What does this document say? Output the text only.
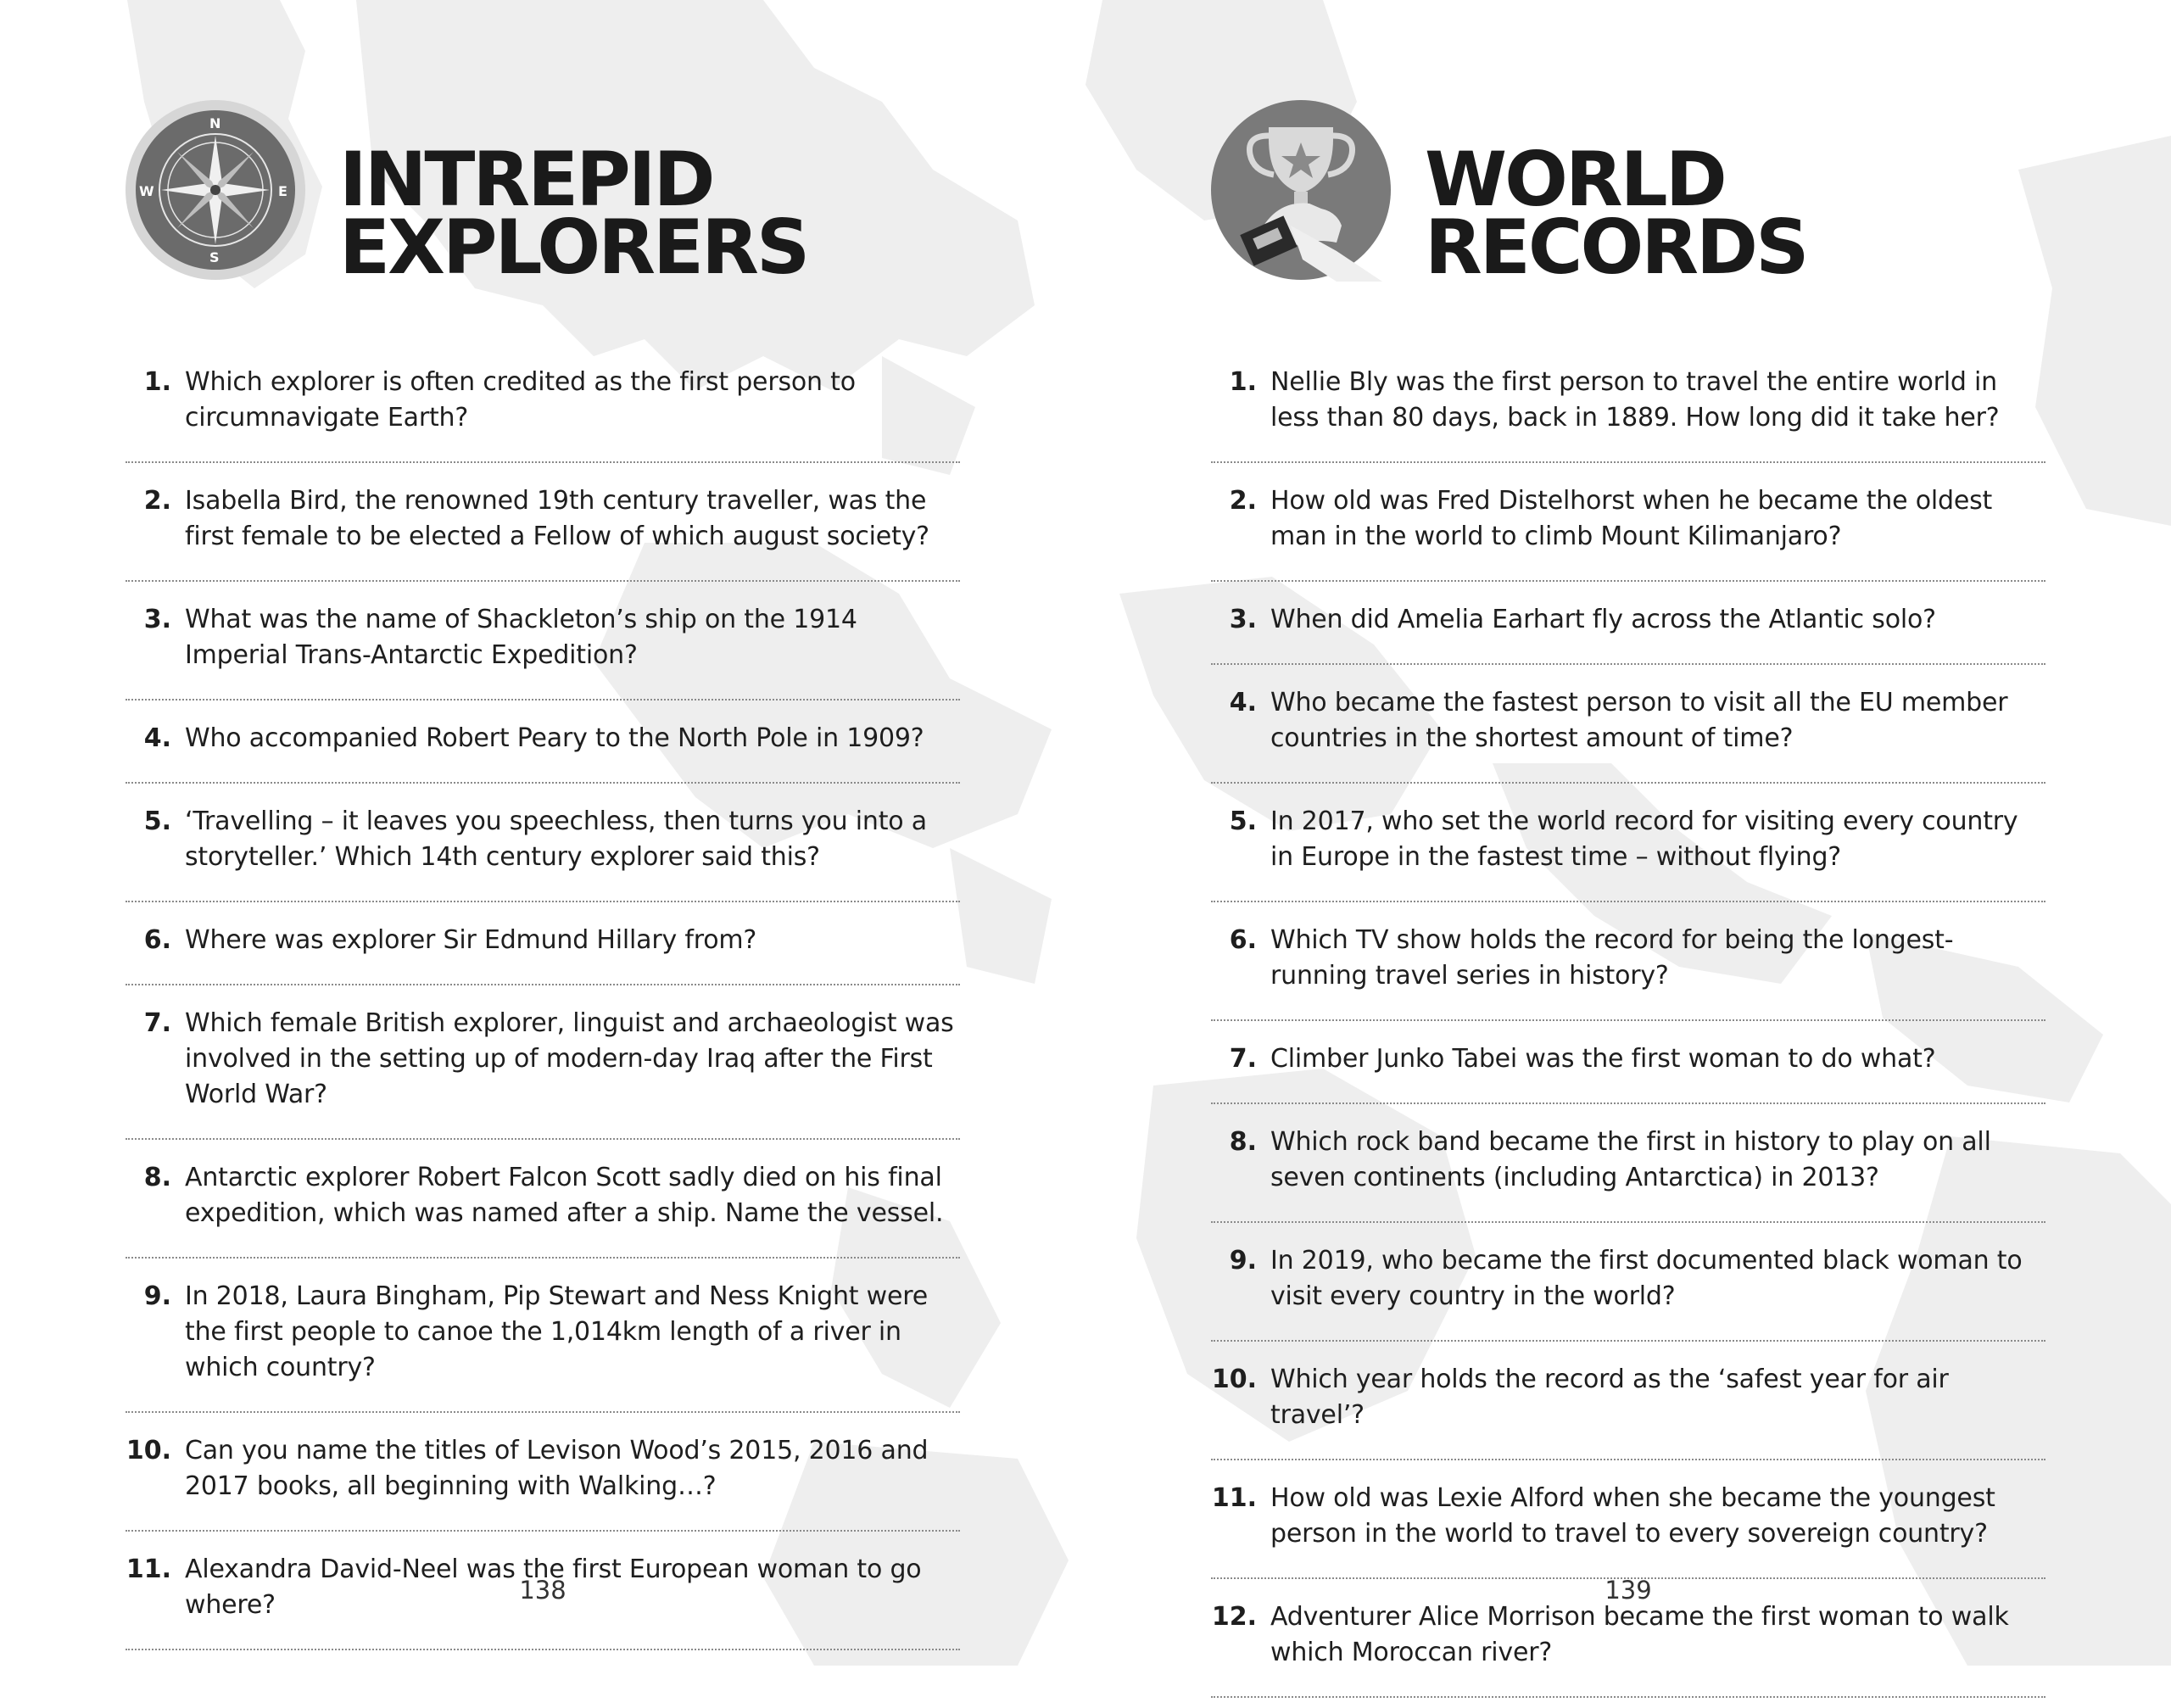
N
E
S
W INTREPID
EXPLORERS
1. Which explorer is often credited as the first person to circumnavigate Earth?
2. Isabella Bird, the renowned 19th century traveller, was the first female to be elected a Fellow of which august society?
3. What was the name of Shackleton’s ship on the 1914 Imperial Trans-Antarctic Expedition?
4. Who accompanied Robert Peary to the North Pole in 1909?
5. ‘Travelling – it leaves you speechless, then turns you into a storyteller.’ Which 14th century explorer said this?
6. Where was explorer Sir Edmund Hillary from?
7. Which female British explorer, linguist and archaeologist was involved in the setting up of modern-day Iraq after the First World War?
8. Antarctic explorer Robert Falcon Scott sadly died on his final expedition, which was named after a ship. Name the vessel.
9. In 2018, Laura Bingham, Pip Stewart and Ness Knight were the first people to canoe the 1,014km length of a river in which country?
10. Can you name the titles of Levison Wood’s 2015, 2016 and 2017 books, all beginning with Walking…?
11. Alexandra David-Neel was the first European woman to go where?	138
WORLD
RECORDS
1. Nellie Bly was the first person to travel the entire world in less than 80 days, back in 1889. How long did it take her?
2. How old was Fred Distelhorst when he became the oldest man in the world to climb Mount Kilimanjaro?
3. When did Amelia Earhart fly across the Atlantic solo?
4. Who became the fastest person to visit all the EU member countries in the shortest amount of time?
5. In 2017, who set the world record for visiting every country in Europe in the fastest time – without flying?
6. Which TV show holds the record for being the longest-running travel series in history?
7. Climber Junko Tabei was the first woman to do what?
8. Which rock band became the first in history to play on all seven continents (including Antarctica) in 2013?
9. In 2019, who became the first documented black woman to visit every country in the world?
10. Which year holds the record as the ‘safest year for air travel’?
11. How old was Lexie Alford when she became the youngest person in the world to travel to every sovereign country?
12. Adventurer Alice Morrison became the first woman to walk which Moroccan river?
139
